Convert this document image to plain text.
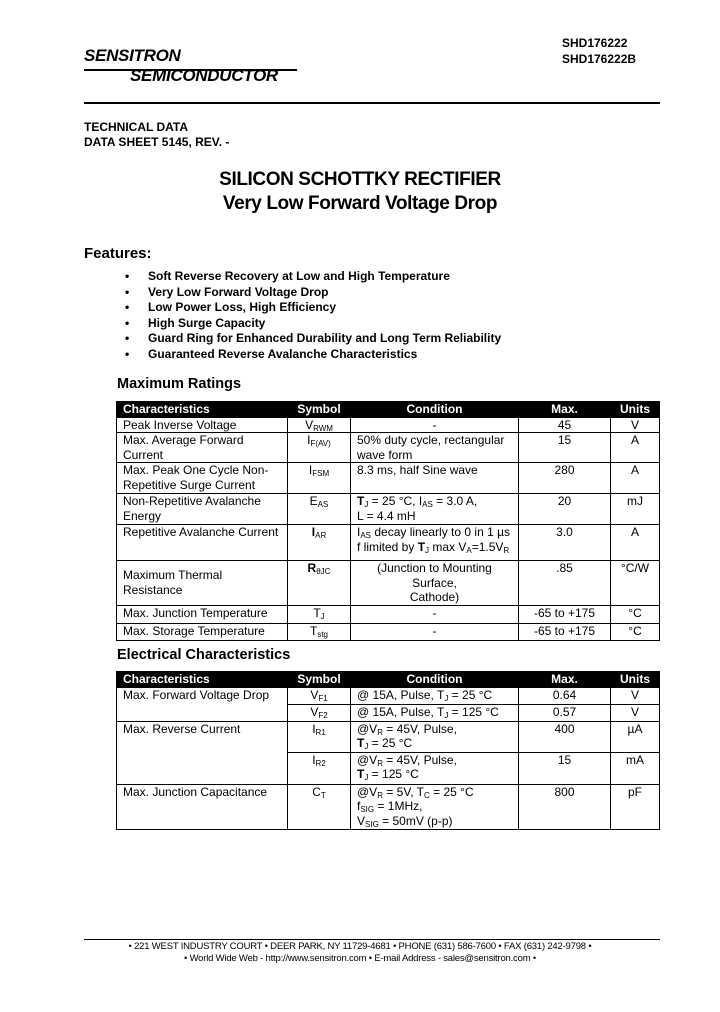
SENSITRON
SEMICONDUCTOR
SHD176222
SHD176222B
TECHNICAL DATA
DATA SHEET 5145, REV. -
SILICON SCHOTTKY RECTIFIER
Very Low Forward Voltage Drop
Features:
• Soft Reverse Recovery at Low and High Temperature
• Very Low Forward Voltage Drop
• Low Power Loss, High Efficiency
• High Surge Capacity
• Guard Ring for Enhanced Durability and Long Term Reliability
• Guaranteed Reverse Avalanche Characteristics
Maximum Ratings
Characteristics	Symbol	Condition	Max.	Units
Peak Inverse Voltage	$V_{RWM}$	-	45	V
Max. Average Forward Current	$I_{F(AV)}$	50% duty cycle, rectangular wave form	15	A
Max. Peak One Cycle Non-Repetitive Surge Current	$I_{FSM}$	8.3 ms, half Sine wave	280	A
Non-Repetitive Avalanche Energy	$E_{AS}$	$T_J = 25$ °C, $I_{AS} = 3.0$ A,
L = 4.4 mH	20	mJ
Repetitive Avalanche Current	$I_{AR}$	$I_{AS}$ decay linearly to 0 in 1 µs
f limited by $T_J$ $\max V_A=1.5V_R$	3.0	A
Maximum Thermal Resistance	$R_{\theta JC}$	(Junction to Mounting Surface,
Cathode)	.85	°C/W
Max. Junction Temperature	$T_J$	-	-65 to +175	°C
Max. Storage Temperature	$T_{stg}$	-	-65 to +175	°C
Electrical Characteristics
Characteristics	Symbol	Condition	Max.	Units
Max. Forward Voltage Drop	$V_{F1}$	@ 15A, Pulse, $T_J = 25$ °C	0.64	V
	$V_{F2}$	@ 15A, Pulse, $T_J = 125$ °C	0.57	V
Max. Reverse Current	$I_{R1}$	$@V_R = 45V$, Pulse,
$T_J = 25$ °C	400	µA
	$I_{R2}$	$@V_R = 45V$, Pulse,
$T_J = 125$ °C	15	mA
Max. Junction Capacitance	$C_T$	$@V_R = 5V$, $T_C = 25$ °C
$f_{SIG} = 1MHz$,
$V_{SIG} = 50mV$ (p-p)	800	pF
• 221 WEST INDUSTRY COURT • DEER PARK, NY 11729-4681 • PHONE (631) 586-7600 • FAX (631) 242-9798 •
• World Wide Web - http://www.sensitron.com • E-mail Address - sales@sensitron.com •
